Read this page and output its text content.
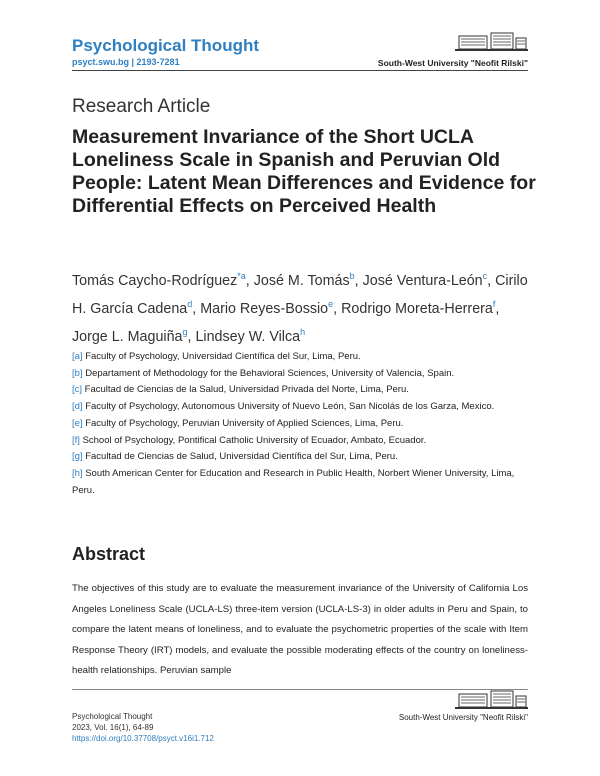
Psychological Thought
psyct.swu.bg | 2193-7281	South-West University "Neofit Rilski"
Research Article
Measurement Invariance of the Short UCLA Loneliness Scale in Spanish and Peruvian Old People: Latent Mean Differences and Evidence for Differential Effects on Perceived Health
Tomás Caycho-Rodríguez$^{*a}$, José M. Tomás$^b$, José Ventura-León$^c$, Cirilo H. García Cadena$^d$, Mario Reyes-Bossio$^e$, Rodrigo Moreta-Herrera$^f$, Jorge L. Maguiña$^g$, Lindsey W. Vilca$^h$
[a] Faculty of Psychology, Universidad Científica del Sur, Lima, Peru.
[b] Departament of Methodology for the Behavioral Sciences, University of Valencia, Spain.
[c] Facultad de Ciencias de la Salud, Universidad Privada del Norte, Lima, Peru.
[d] Faculty of Psychology, Autonomous University of Nuevo León, San Nicolás de los Garza, Mexico.
[e] Faculty of Psychology, Peruvian University of Applied Sciences, Lima, Peru.
[f] School of Psychology, Pontifical Catholic University of Ecuador, Ambato, Ecuador.
[g] Facultad de Ciencias de Salud, Universidad Científica del Sur, Lima, Peru.
[h] South American Center for Education and Research in Public Health, Norbert Wiener University, Lima, Peru.
Abstract
The objectives of this study are to evaluate the measurement invariance of the University of California Los Angeles Loneliness Scale (UCLA-LS) three-item version (UCLA-LS-3) in older adults in Peru and Spain, to compare the latent means of loneliness, and to evaluate the psychometric properties of the scale with Item Response Theory (IRT) models, and evaluate the possible moderating effects of the country on loneliness-health relationships. Peruvian sample
Psychological Thought
2023, Vol. 16(1), 64-89
https://doi.org/10.37708/psyct.v16i1.712
South-West University "Neofit Rilski"
